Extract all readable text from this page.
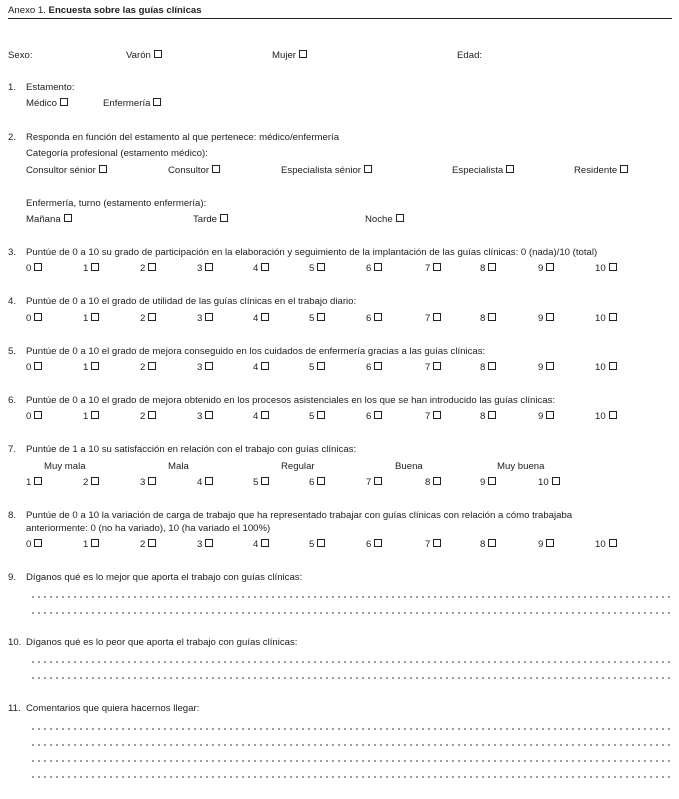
Anexo 1. Encuesta sobre las guías clínicas
Sexo:	Varón	Mujer	Edad:
1. Estamento:
Médico	Enfermería
2. Responda en función del estamento al que pertenece: médico/enfermería
Categoría profesional (estamento médico):
Consultor sénior	Consultor	Especialista sénior	Especialista	Residente
Enfermería, turno (estamento enfermería):
Mañana	Tarde	Noche
3. Puntúe de 0 a 10 su grado de participación en la elaboración y seguimiento de la implantación de las guías clínicas: 0 (nada)/10 (total)
0	1	2	3	4	5	6	7	8	9	10
4. Puntúe de 0 a 10 el grado de utilidad de las guías clínicas en el trabajo diario:
0	1	2	3	4	5	6	7	8	9	10
5. Puntúe de 0 a 10 el grado de mejora conseguido en los cuidados de enfermería gracias a las guías clínicas:
0	1	2	3	4	5	6	7	8	9	10
6. Puntúe de 0 a 10 el grado de mejora obtenido en los procesos asistenciales en los que se han introducido las guías clínicas:
0	1	2	3	4	5	6	7	8	9	10
7. Puntúe de 1 a 10 su satisfacción en relación con el trabajo con guías clínicas:
Muy mala	Mala	Regular	Buena	Muy buena
1	2	3	4	5	6	7	8	9	10
8. Puntúe de 0 a 10 la variación de carga de trabajo que ha representado trabajar con guías clínicas con relación a cómo trabajaba
anteriormente: 0 (no ha variado), 10 (ha variado el 100%)
0	1	2	3	4	5	6	7	8	9	10
9. Díganos qué es lo mejor que aporta el trabajo con guías clínicas:
10. Díganos qué es lo peor que aporta el trabajo con guías clínicas:
11. Comentarios que quiera hacernos llegar:
